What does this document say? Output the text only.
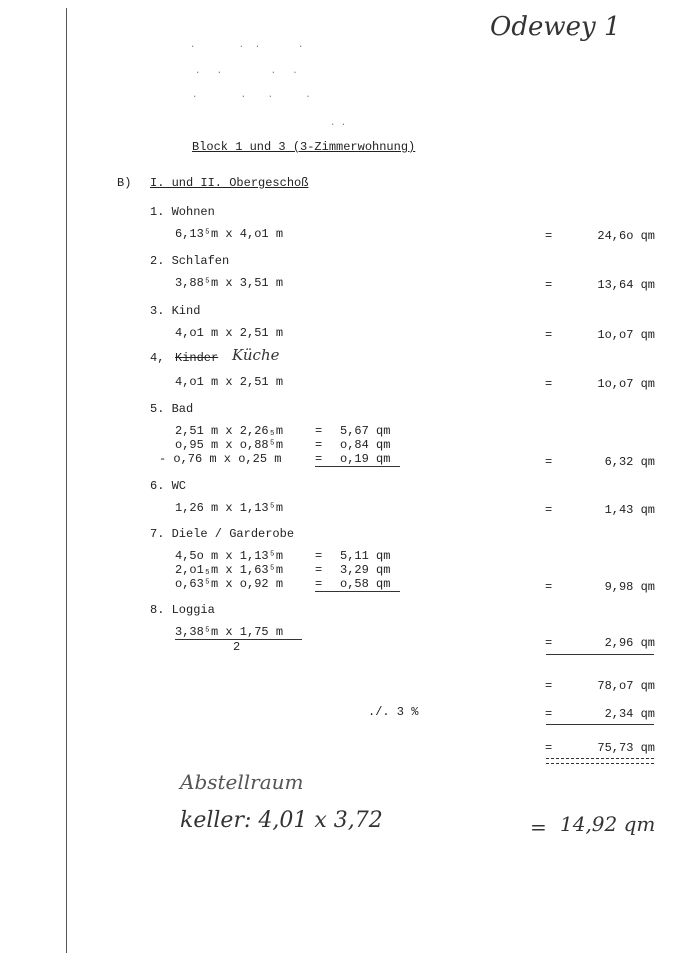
·        ·  ·       ·
·   ·         ·   ·
·        ·    ·      ·
· ·
Odewey 1
Block 1 und 3 (3-Zimmerwohnung)
B) I. und II. Obergeschoß
1. Wohnen
6,13⁵m x 4,o1 m	=	24,6o qm
2. Schlafen
3,88⁵m x 3,51 m	=	13,64 qm
3. Kind
4,o1 m x 2,51 m	=	1o,o7 qm
4, Kinder Küche
4,o1 m x 2,51 m	=	1o,o7 qm
5. Bad
2,51 m x 2,26₅m	= 5,67 qm
o,95 m x o,88⁵m	= o,84 qm
- o,76 m x o,25 m	= o,19 qm	=	6,32 qm
6. WC
1,26 m x 1,13⁵m	=	1,43 qm
7. Diele / Garderobe
4,5o m x 1,13⁵m	= 5,11 qm
2,o1₅m x 1,63⁵m	= 3,29 qm
o,63⁵m x o,92 m	= o,58 qm	=	9,98 qm
8. Loggia
3,38⁵m x 1,75 m
2	=	2,96 qm
=	78,o7 qm
./. 3 %	=	2,34 qm
=	75,73 qm
Abstellraum
keller: 4,01 x 3,72	= 14,92 qm
